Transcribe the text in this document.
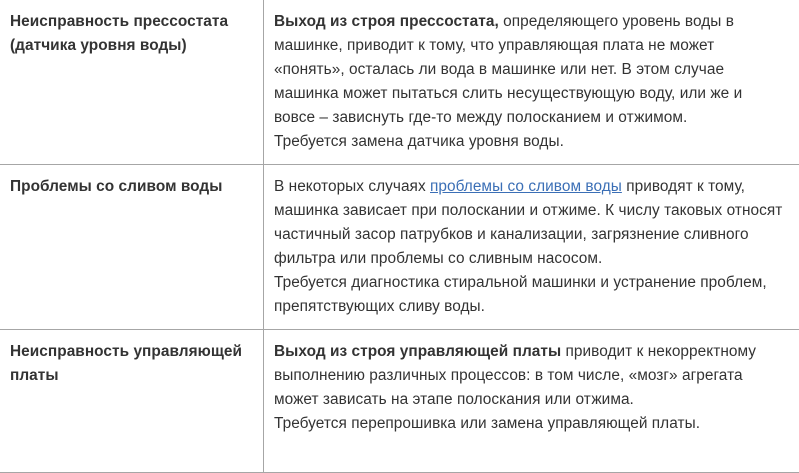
Неисправность прессостата (датчика уровня воды)	Выход из строя прессостата, определяющего уровень воды в машинке, приводит к тому, что управляющая плата не может «понять», осталась ли вода в машинке или нет. В этом случае машинка может пытаться слить несуществующую воду, или же и вовсе – зависнуть где-то между полосканием и отжимом.
Требуется замена датчика уровня воды.
Проблемы со сливом воды	В некоторых случаях проблемы со сливом воды приводят к тому, машинка зависает при полоскании и отжиме. К числу таковых относят частичный засор патрубков и канализации, загрязнение сливного фильтра или проблемы со сливным насосом.
Требуется диагностика стиральной машинки и устранение проблем, препятствующих сливу воды.
Неисправность управляющей платы	Выход из строя управляющей платы приводит к некорректному выполнению различных процессов: в том числе, «мозг» агрегата может зависать на этапе полоскания или отжима.
Требуется перепрошивка или замена управляющей платы.
